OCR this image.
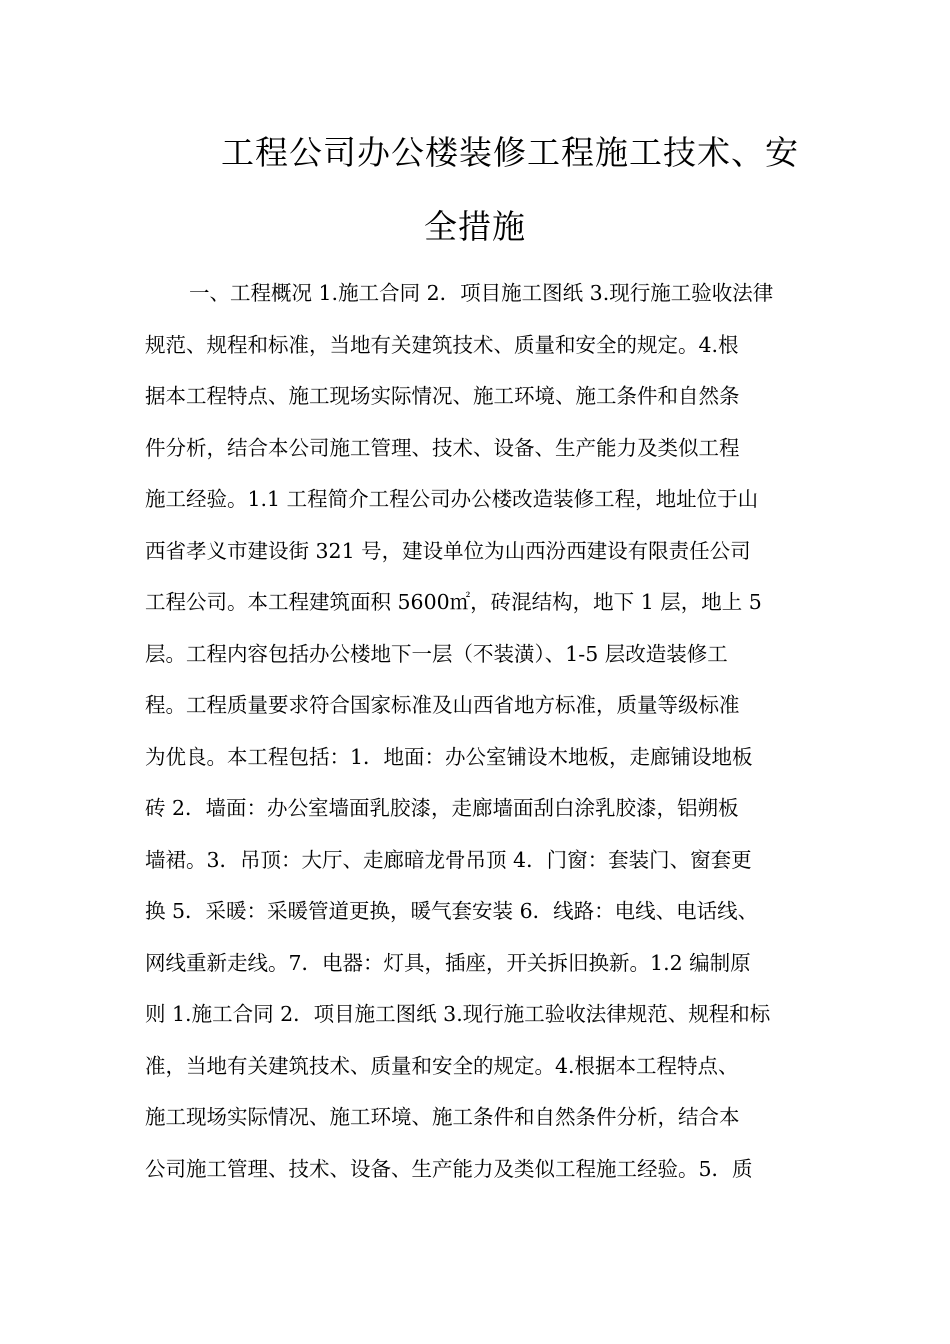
工程公司办公楼装修工程施工技术、安
全措施
一、工程概况 1.施工合同 2．项目施工图纸 3.现行施工验收法律
规范、规程和标准，当地有关建筑技术、质量和安全的规定。4.根
据本工程特点、施工现场实际情况、施工环境、施工条件和自然条
件分析，结合本公司施工管理、技术、设备、生产能力及类似工程
施工经验。1.1 工程简介工程公司办公楼改造装修工程，地址位于山
西省孝义市建设街 321 号，建设单位为山西汾西建设有限责任公司
工程公司。本工程建筑面积 5600㎡，砖混结构，地下 1 层，地上 5
层。工程内容包括办公楼地下一层（不装潢）、1-5 层改造装修工
程。工程质量要求符合国家标准及山西省地方标准，质量等级标准
为优良。本工程包括：1．地面：办公室铺设木地板，走廊铺设地板
砖 2．墙面：办公室墙面乳胶漆，走廊墙面刮白涂乳胶漆，铝朔板
墙裙。3．吊顶：大厅、走廊暗龙骨吊顶 4．门窗：套装门、窗套更
换 5．采暖：采暖管道更换，暖气套安装 6．线路：电线、电话线、
网线重新走线。7．电器：灯具，插座，开关拆旧换新。1.2 编制原
则 1.施工合同 2．项目施工图纸 3.现行施工验收法律规范、规程和标
准，当地有关建筑技术、质量和安全的规定。4.根据本工程特点、
施工现场实际情况、施工环境、施工条件和自然条件分析，结合本
公司施工管理、技术、设备、生产能力及类似工程施工经验。5．质
